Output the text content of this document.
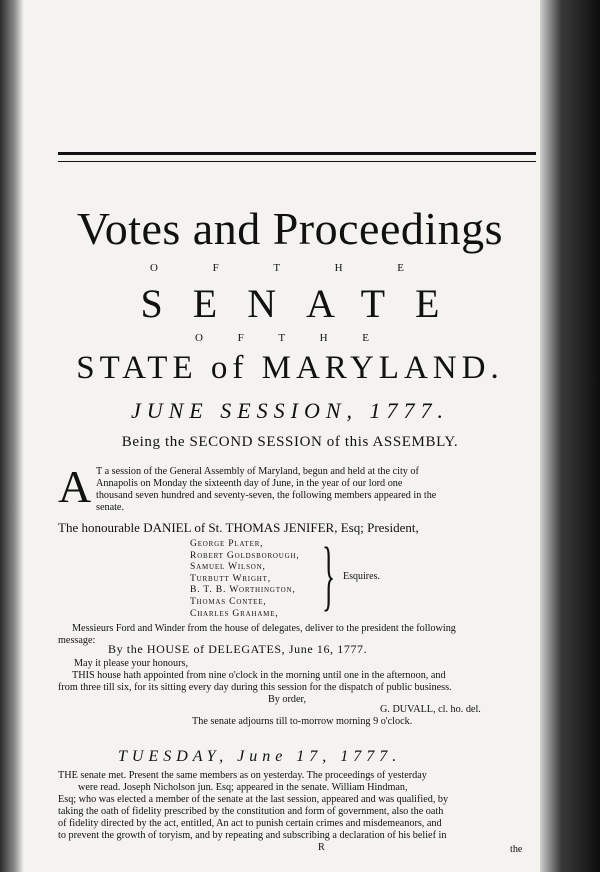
Votes and Proceedings
O F T H E
SENATE
O F T H E
STATE of MARYLAND.
JUNE SESSION, 1777.
Being the SECOND SESSION of this ASSEMBLY.
A T a session of the General Assembly of Maryland, begun and held at the city of
Annapolis on Monday the sixteenth day of June, in the year of our lord one
thousand seven hundred and seventy-seven, the following members appeared in the
senate.
The honourable DANIEL of St. THOMAS JENIFER, Esq; President,
George Plater,
Robert Goldsborough,
Samuel Wilson,
Turbutt Wright,
B. T. B. Worthington,
Thomas Contee,
Charles Grahame, } Esquires.
Messieurs Ford and Winder from the house of delegates, deliver to the president the following
message:
By the HOUSE of DELEGATES, June 16, 1777.
May it please your honours,
THIS house hath appointed from nine o'clock in the morning until one in the afternoon, and
from three till six, for its sitting every day during this session for the dispatch of public business.
By order,
G. DUVALL, cl. ho. del.
The senate adjourns till to-morrow morning 9 o'clock.
TUESDAY, June 17, 1777.
THE senate met. Present the same members as on yesterday. The proceedings of yesterday
were read. Joseph Nicholson jun. Esq; appeared in the senate. William Hindman,
Esq; who was elected a member of the senate at the last session, appeared and was qualified, by
taking the oath of fidelity prescribed by the constitution and form of government, also the oath
of fidelity directed by the act, entitled, An act to punish certain crimes and misdemeanors, and
to prevent the growth of toryism, and by repeating and subscribing a declaration of his belief in
R	the
